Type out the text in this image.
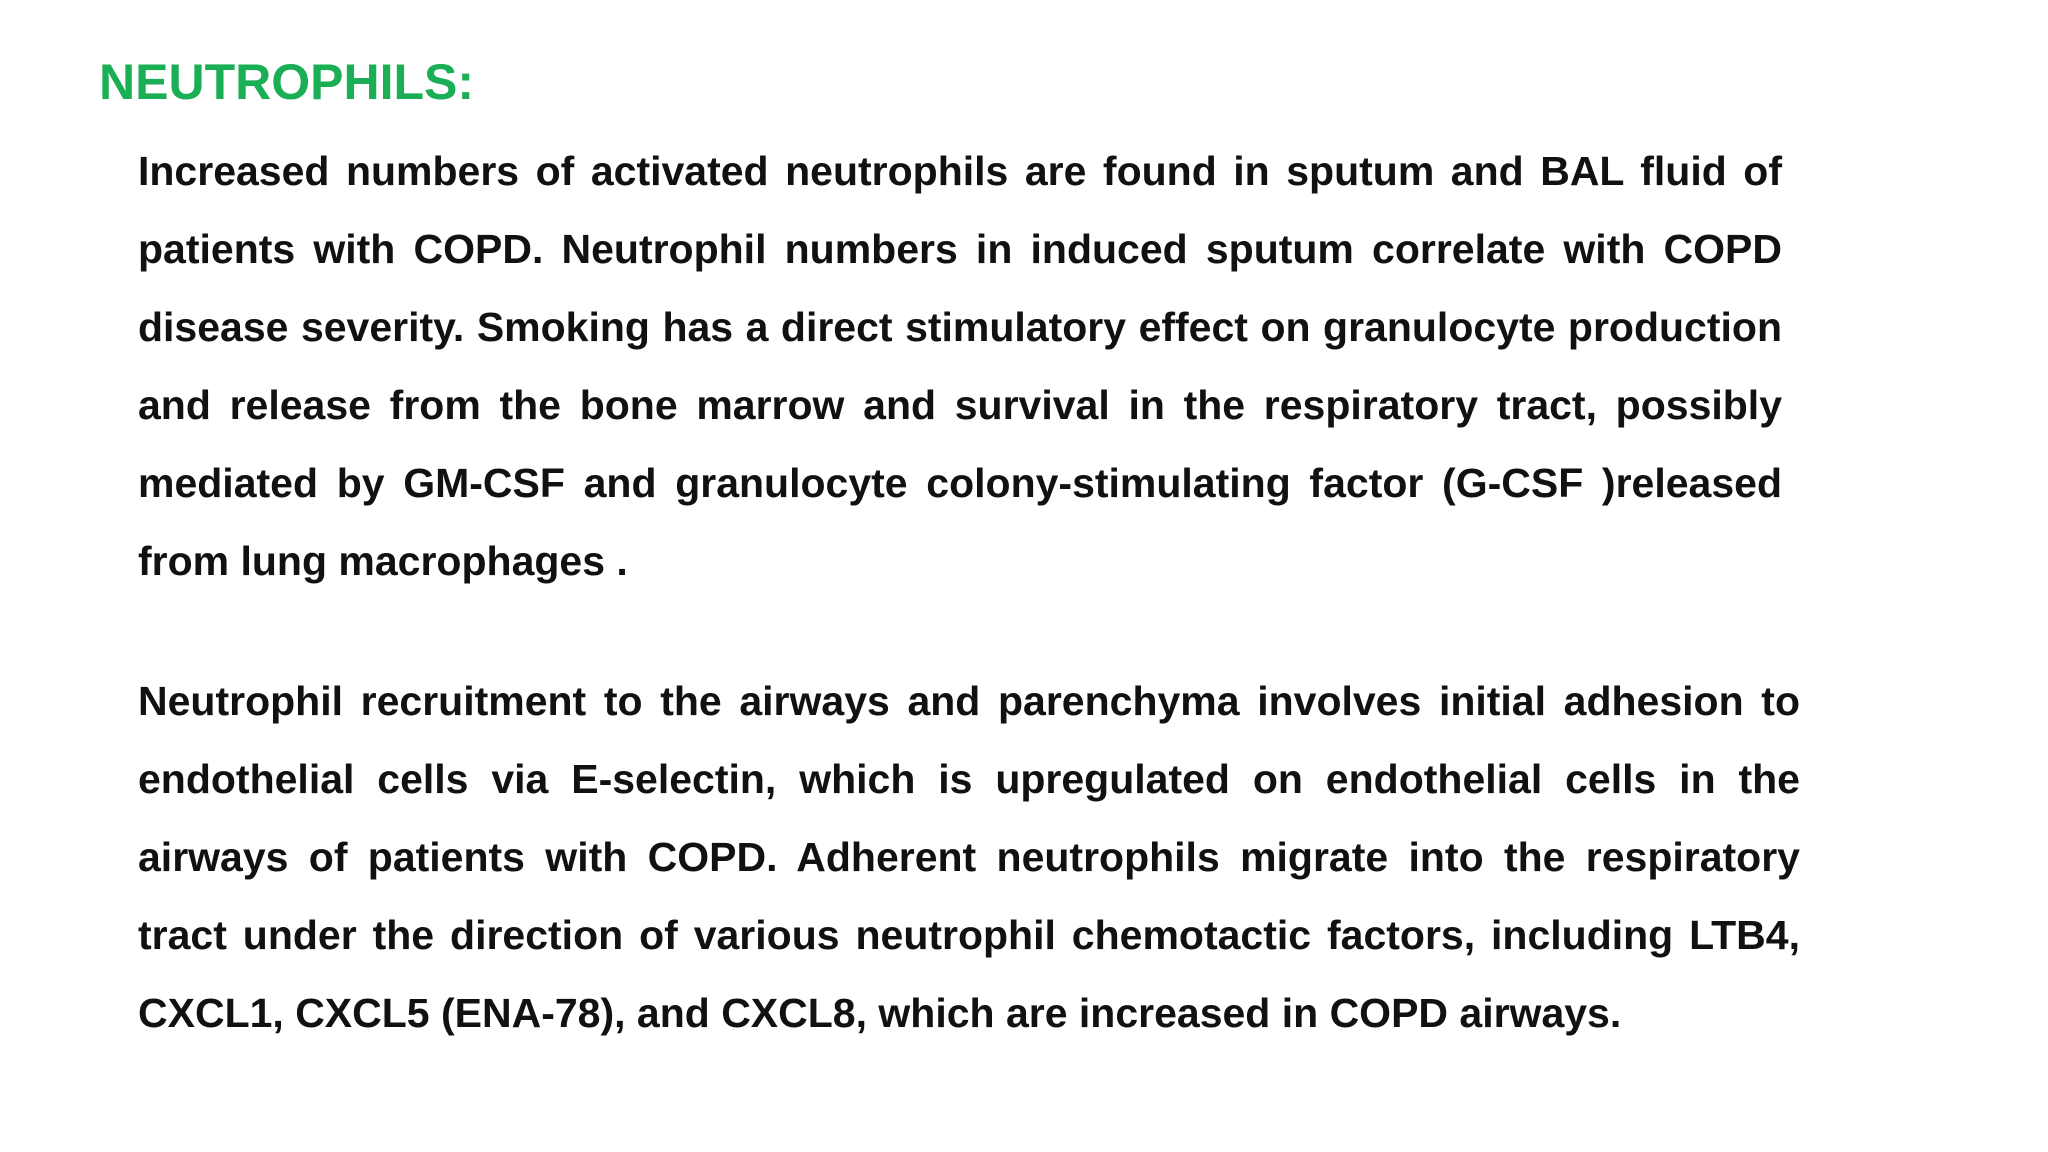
NEUTROPHILS:

Increased numbers of activated neutrophils are found in sputum and BAL fluid of patients with COPD. Neutrophil numbers in induced sputum correlate with COPD disease severity. Smoking has a direct stimulatory effect on granulocyte production and release from the bone marrow and survival in the respiratory tract, possibly mediated by GM-CSF and granulocyte colony-stimulating factor (G-CSF )released from lung macrophages .

Neutrophil recruitment to the airways and parenchyma involves initial adhesion to endothelial cells via E-selectin, which is upregulated on endothelial cells in the airways of patients with COPD. Adherent neutrophils migrate into the respiratory tract under the direction of various neutrophil chemotactic factors, including LTB4, CXCL1, CXCL5 (ENA-78), and CXCL8, which are increased in COPD airways.
